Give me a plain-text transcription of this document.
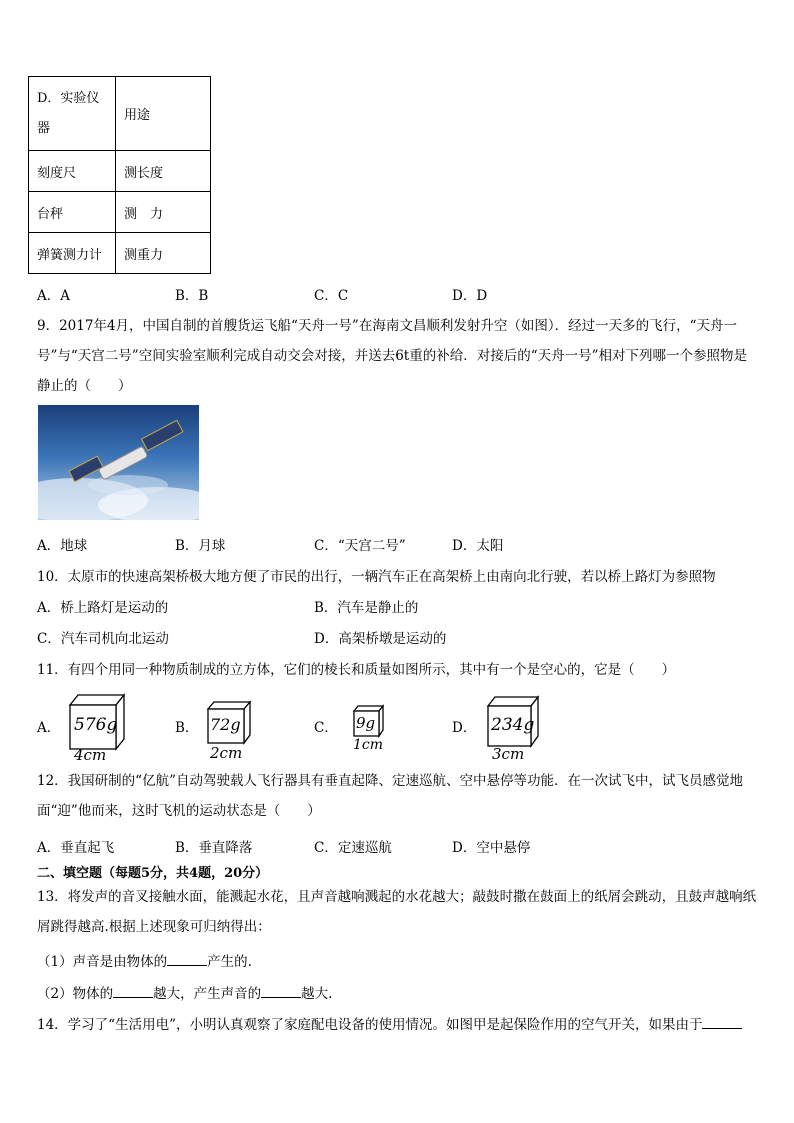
D．实验仪器	用途
刻度尺	测长度
台秤	测　力
弹簧测力计	测重力
A．A	B．B	C．C	D．D
9．2017年4月，中国自制的首艘货运飞船“天舟一号”在海南文昌顺利发射升空（如图）．经过一天多的飞行，“天舟一号”与“天宫二号”空间实验室顺利完成自动交会对接，并送去6t重的补给．对接后的“天舟一号”相对下列哪一个参照物是静止的（　　）
A．地球	B．月球	C．“天宫二号”	D．太阳
10．太原市的快速高架桥极大地方便了市民的出行，一辆汽车正在高架桥上由南向北行驶，若以桥上路灯为参照物
A．桥上路灯是运动的	B．汽车是静止的
C．汽车司机向北运动	D．高架桥墩是运动的
11．有四个用同一种物质制成的立方体，它们的棱长和质量如图所示，其中有一个是空心的，它是（　　）
A． 576g
4cm
B． 72g
2cm
C． 9g
1cm
D． 234g
3cm
12．我国研制的“亿航”自动驾驶载人飞行器具有垂直起降、定速巡航、空中悬停等功能．在一次试飞中，试飞员感觉地面“迎”他而来，这时飞机的运动状态是（　　）
A．垂直起飞	B．垂直降落	C．定速巡航	D．空中悬停
二、填空题（每题5分，共4题，20分）
13．将发声的音叉接触水面，能溅起水花，且声音越响溅起的水花越大；敲鼓时撒在鼓面上的纸屑会跳动，且鼓声越响纸屑跳得越高.根据上述现象可归纳得出：
（1）声音是由物体的	产生的.
（2）物体的	越大，产生声音的	越大.
14．学习了“生活用电”，小明认真观察了家庭配电设备的使用情况。如图甲是起保险作用的空气开关，如果由于
